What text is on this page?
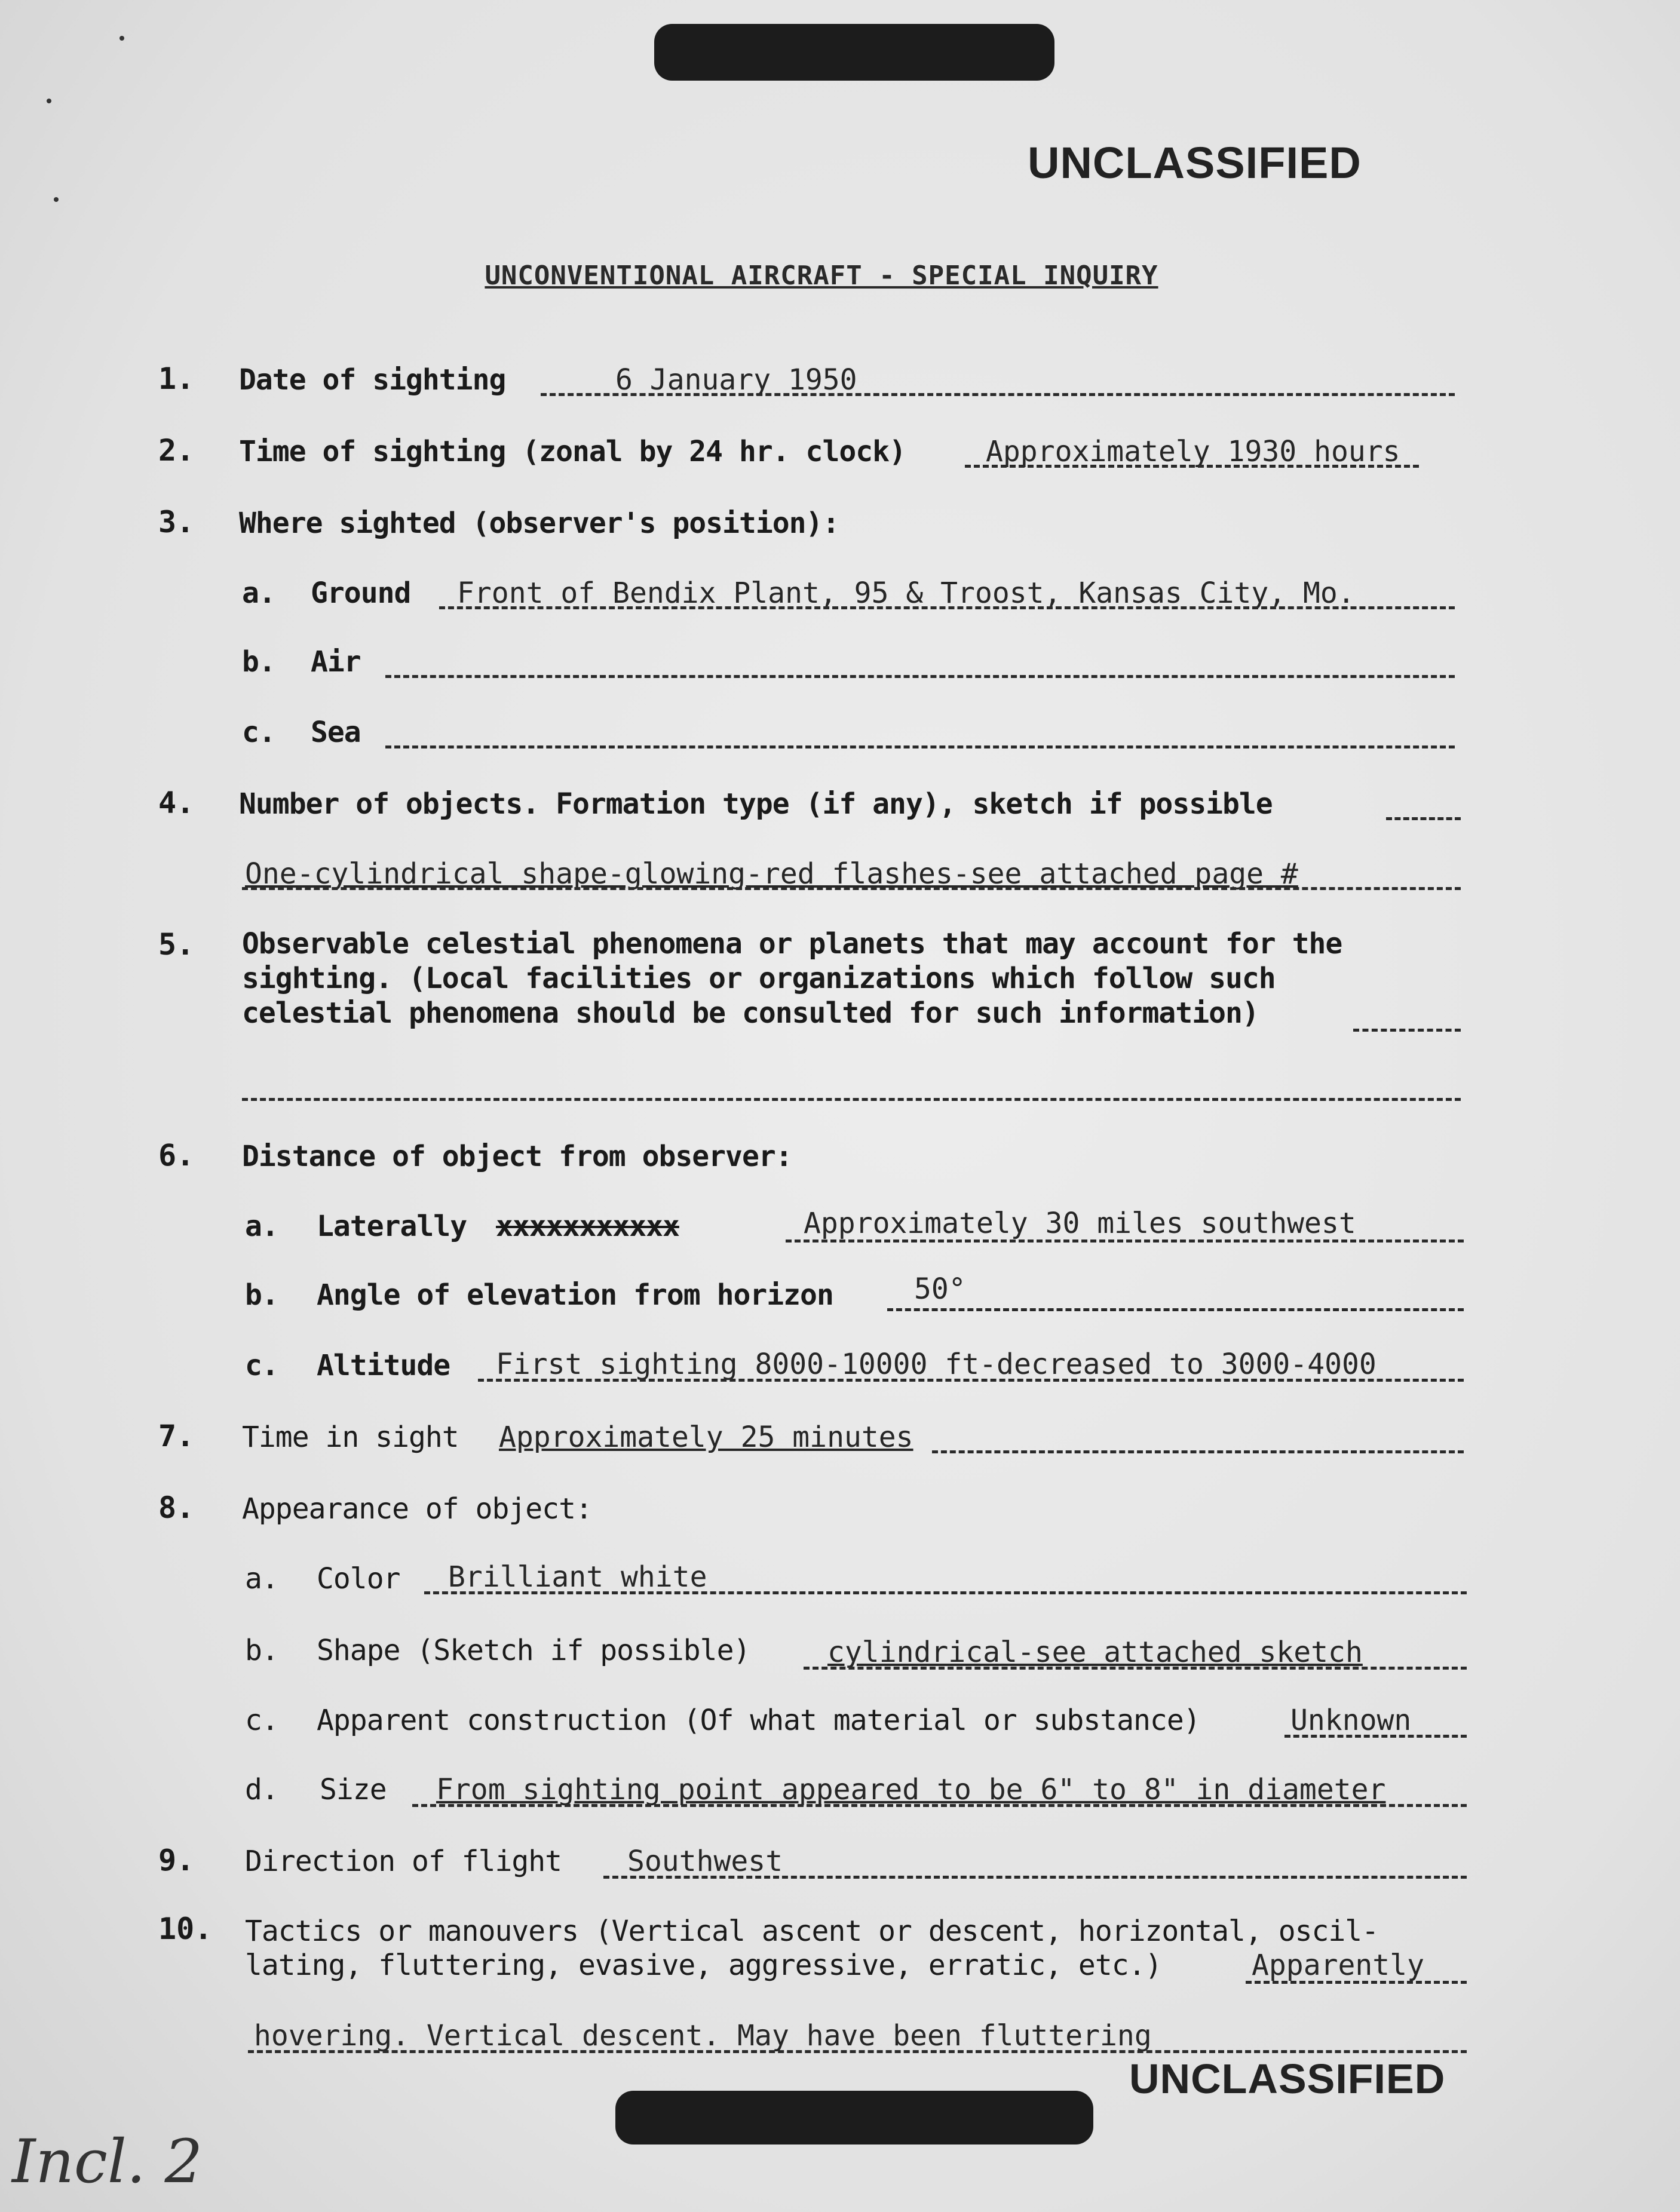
UNCLASSIFIED
UNCONVENTIONAL AIRCRAFT - SPECIAL INQUIRY
1. Date of sighting	6 January 1950
2. Time of sighting (zonal by 24 hr. clock)	Approximately 1930 hours
3. Where sighted (observer's position):
a. Ground Front of Bendix Plant, 95 & Troost, Kansas City, Mo.
b. Air
c. Sea
4. Number of objects. Formation type (if any), sketch if possible
One-cylindrical shape-glowing-red flashes-see attached page #
5. Observable celestial phenomena or planets that may account for the
sighting. (Local facilities or organizations which follow such
celestial phenomena should be consulted for such information)
6. Distance of object from observer:
a. Laterally xxxxxxxxxxx	Approximately 30 miles southwest
b. Angle of elevation from horizon	50°
c. Altitude First sighting 8000-10000 ft-decreased to 3000-4000
7. Time in sight Approximately 25 minutes
8. Appearance of object:
a. Color Brilliant white
b. Shape (Sketch if possible)	cylindrical-see attached sketch
c. Apparent construction (Of what material or substance)	Unknown
d. Size From sighting point appeared to be 6" to 8" in diameter
9. Direction of flight Southwest
10. Tactics or manouvers (Vertical ascent or descent, horizontal, oscil-
lating, fluttering, evasive, aggressive, erratic, etc.)	Apparently
hovering. Vertical descent. May have been fluttering
UNCLASSIFIED
Incl. 2
